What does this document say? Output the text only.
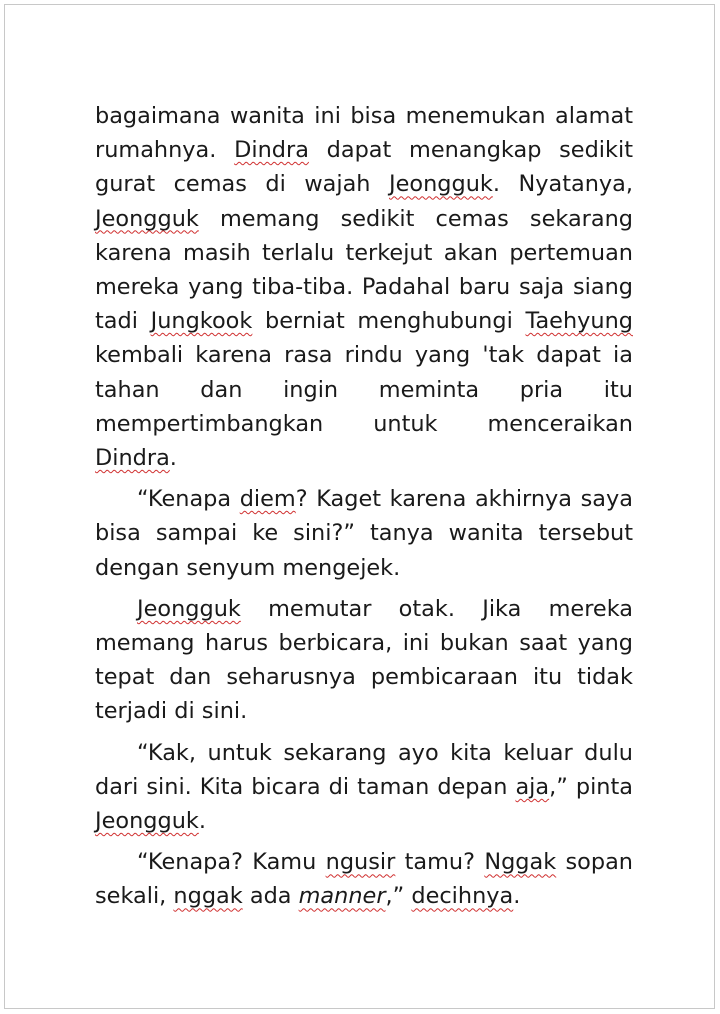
bagaimana wanita ini bisa menemukan alamat
rumahnya. Dindra dapat menangkap sedikit
gurat cemas di wajah Jeongguk. Nyatanya,
Jeongguk memang sedikit cemas sekarang
karena masih terlalu terkejut akan pertemuan
mereka yang tiba-tiba. Padahal baru saja siang
tadi Jungkook berniat menghubungi Taehyung
kembali karena rasa rindu yang 'tak dapat ia
tahan dan ingin meminta pria itu
mempertimbangkan untuk menceraikan
Dindra.
“Kenapa diem? Kaget karena akhirnya saya
bisa sampai ke sini?” tanya wanita tersebut
dengan senyum mengejek.
Jeongguk memutar otak. Jika mereka
memang harus berbicara, ini bukan saat yang
tepat dan seharusnya pembicaraan itu tidak
terjadi di sini.
“Kak, untuk sekarang ayo kita keluar dulu
dari sini. Kita bicara di taman depan aja,” pinta
Jeongguk.
“Kenapa? Kamu ngusir tamu? Nggak sopan
sekali, nggak ada manner,” decihnya.
